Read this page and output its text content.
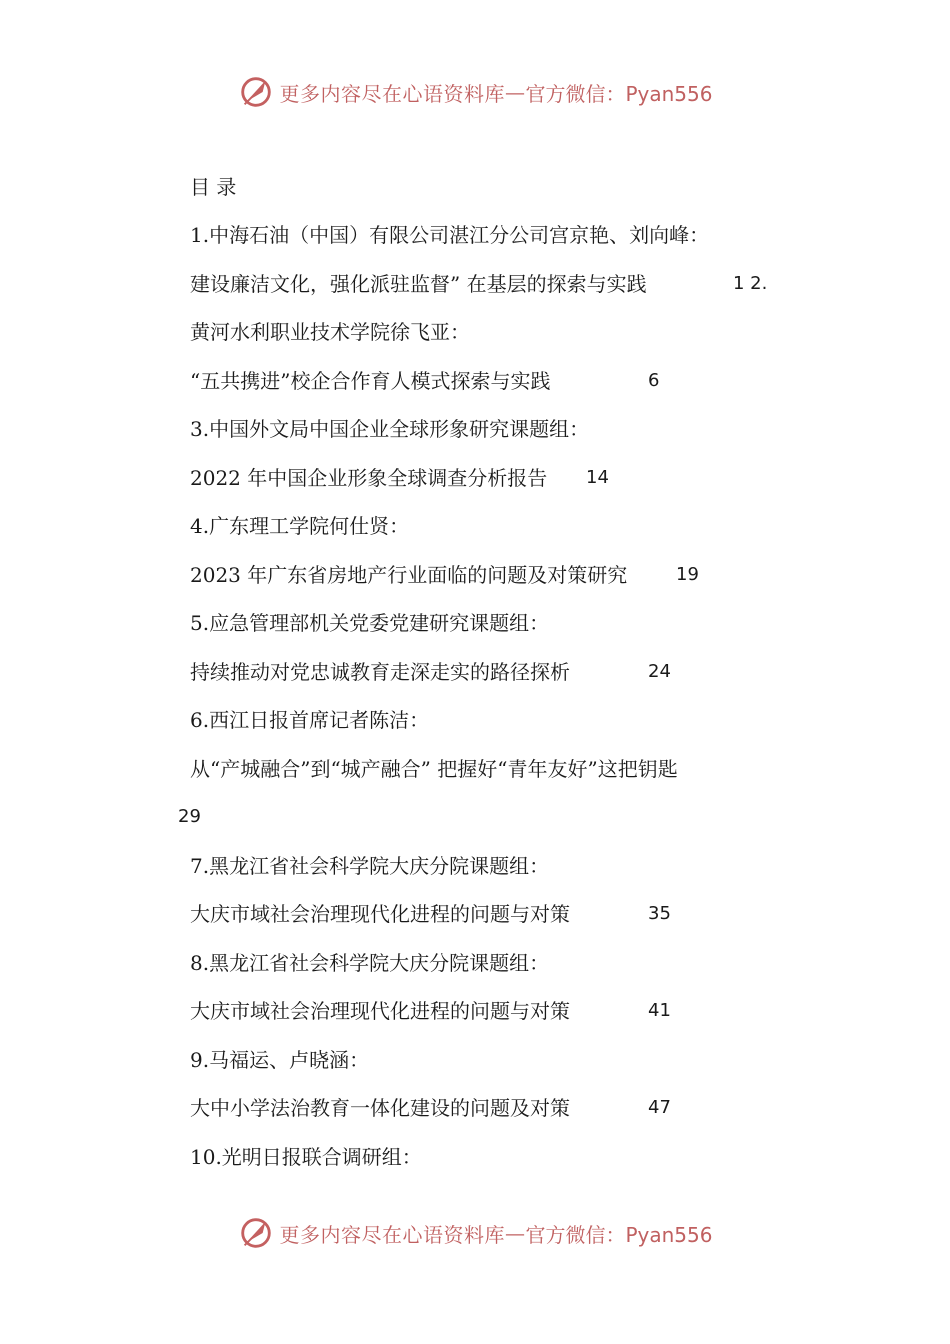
更多内容尽在心语资料库 — 官方微信：Pyan556
目 录
1.中海石油（中国）有限公司湛江分公司宫京艳、刘向峰：
建设廉洁文化，强化派驻监督” 在基层的探索与实践	1 2.
黄河水利职业技术学院徐飞亚：
“五共携进”校企合作育人模式探索与实践	6
3.中国外文局中国企业全球形象研究课题组：
2022 年中国企业形象全球调查分析报告 14
4.广东理工学院何仕贤：
2023 年广东省房地产行业面临的问题及对策研究	19
5.应急管理部机关党委党建研究课题组：
持续推动对党忠诚教育走深走实的路径探析	24
6.西江日报首席记者陈洁：
从“产城融合”到“城产融合” 把握好“青年友好”这把钥匙
29
7.黑龙江省社会科学院大庆分院课题组：
大庆市域社会治理现代化进程的问题与对策	35
8.黑龙江省社会科学院大庆分院课题组：
大庆市域社会治理现代化进程的问题与对策	41
9.马福运、卢晓涵：
大中小学法治教育一体化建设的问题及对策	47
10.光明日报联合调研组：
更多内容尽在心语资料库 — 官方微信：Pyan556
